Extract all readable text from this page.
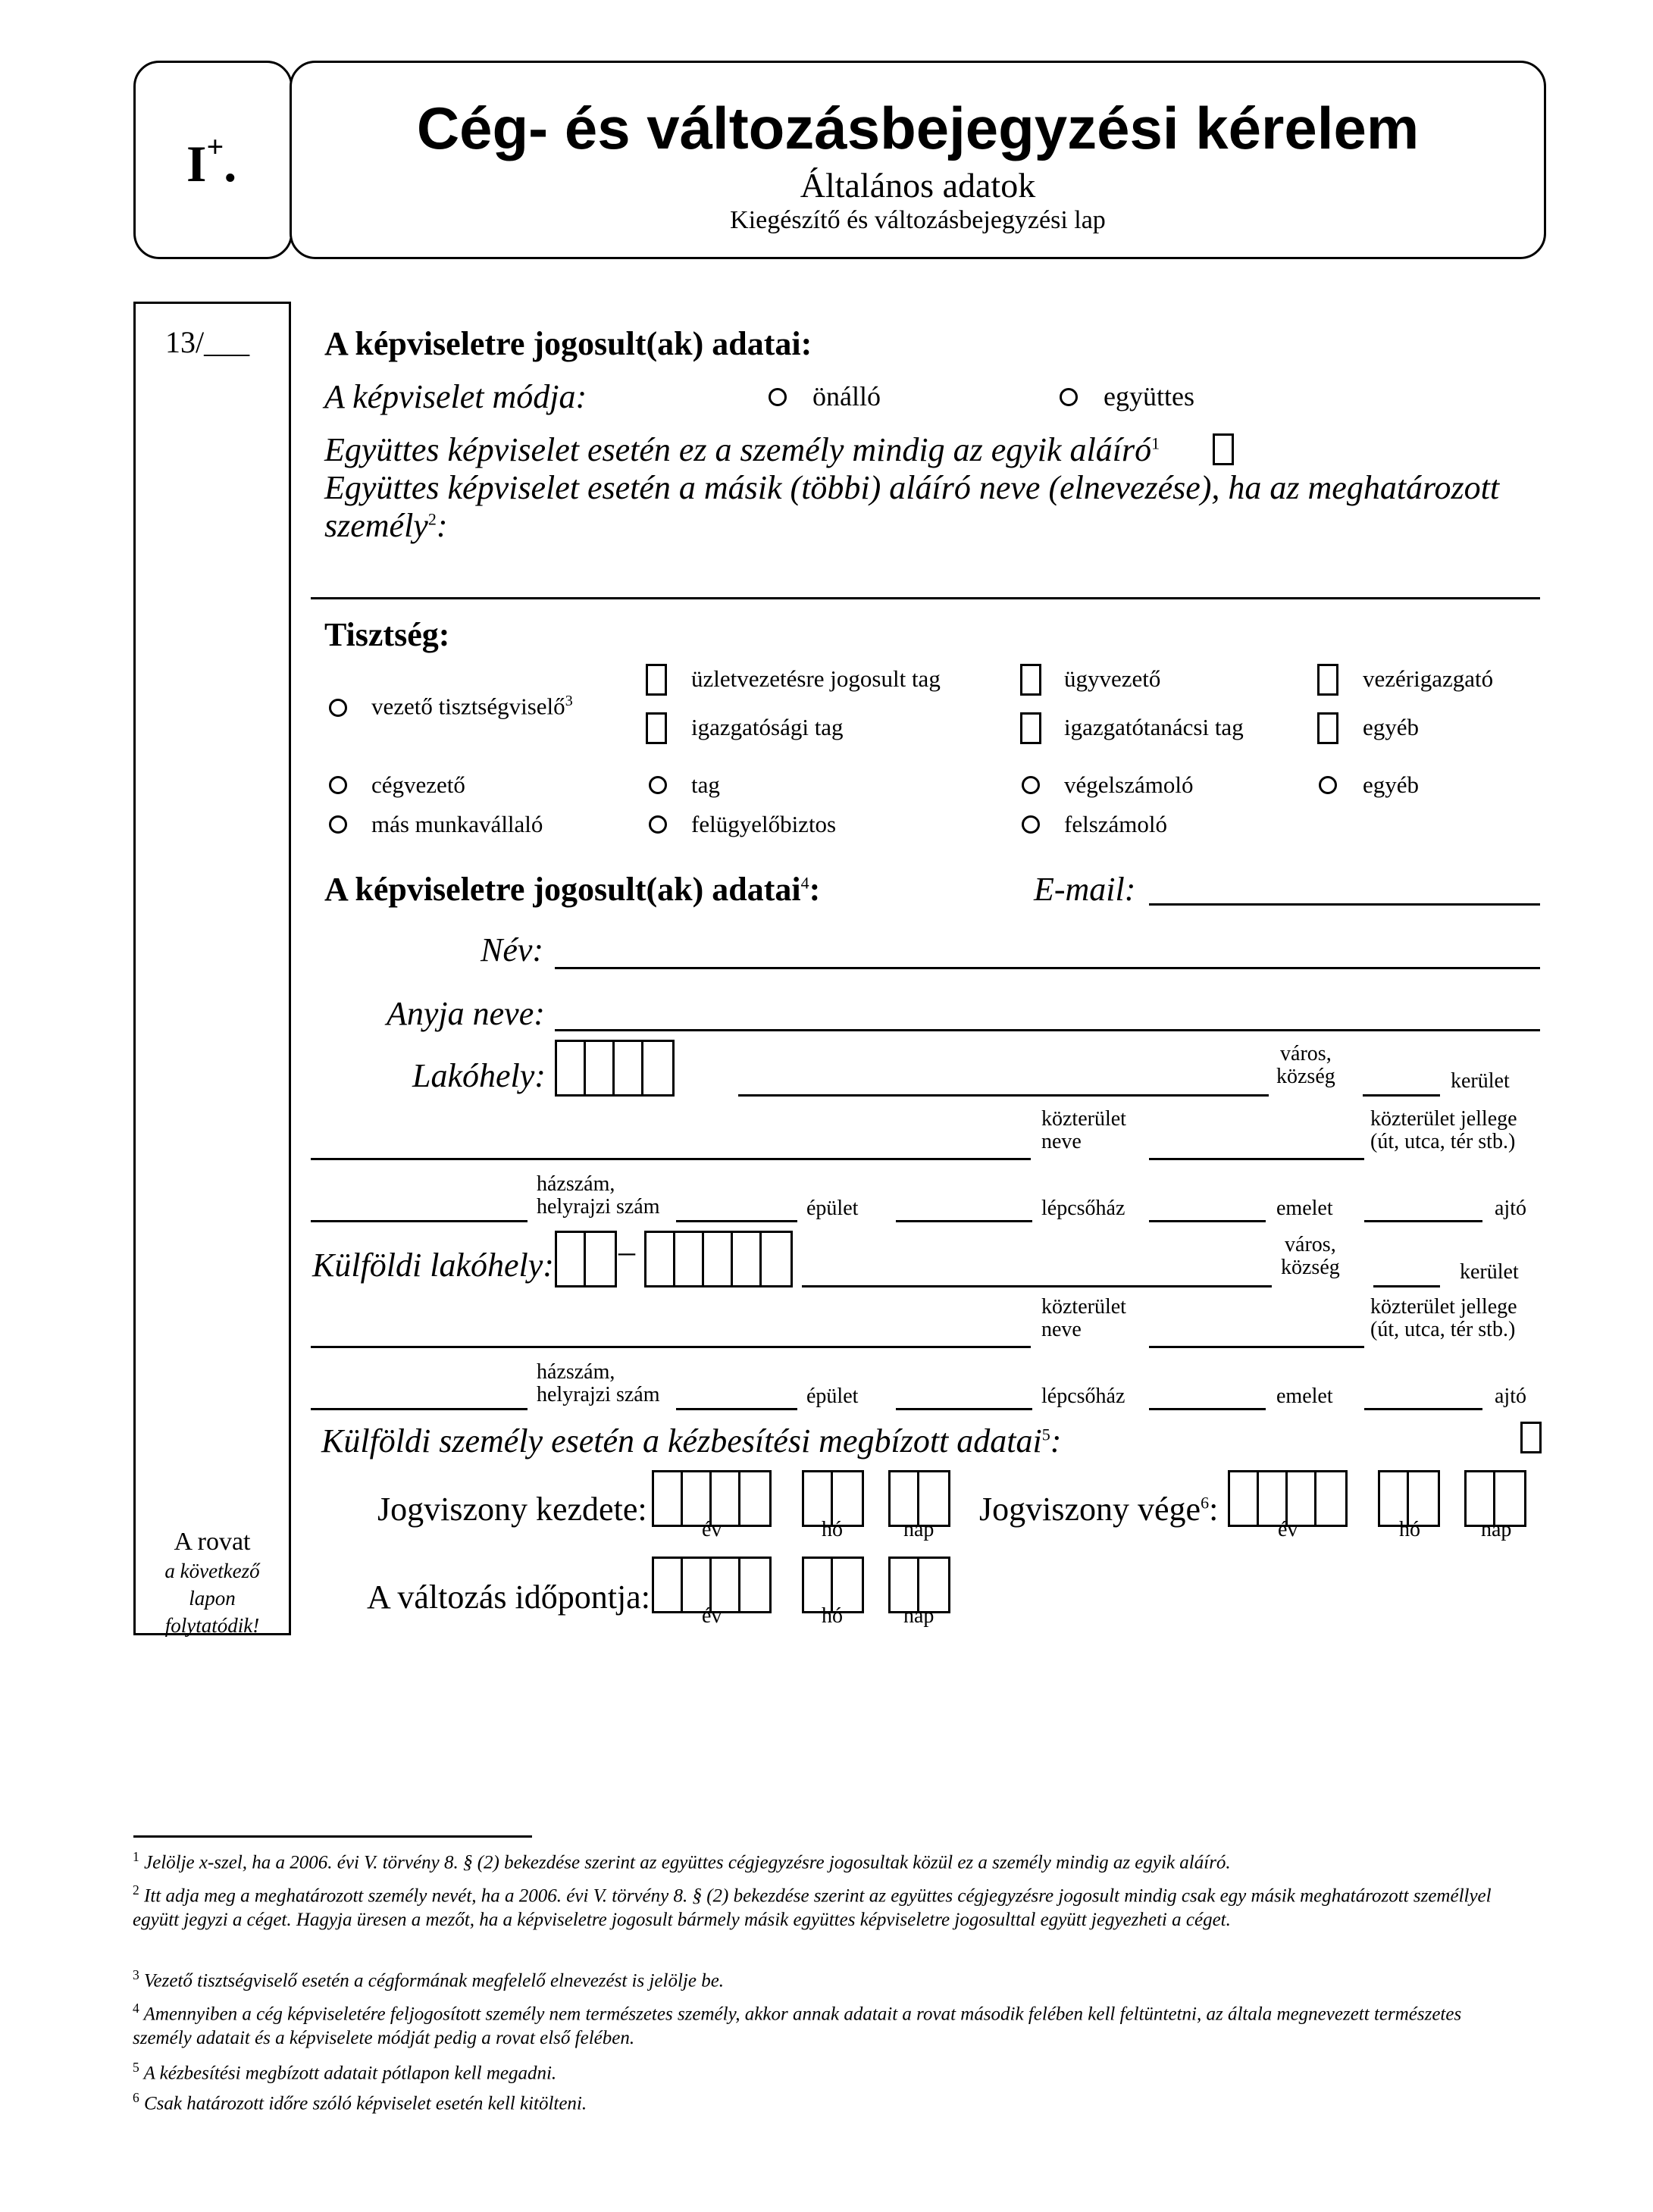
I+.
Cég- és változásbejegyzési kérelem
Általános adatok
Kiegészítő és változásbejegyzési lap
13/___
A rovat
a következő
lapon
folytatódik!
A képviseletre jogosult(ak) adatai:
A képviselet módja:	önálló	együttes
Együttes képviselet esetén ez a személy mindig az egyik aláíró$^1$
Együttes képviselet esetén a másik (többi) aláíró neve (elnevezése), ha az meghatározott
személy$^2$:
Tisztség:
vezető tisztségviselő$^3$
üzletvezetésre jogosult tag	ügyvezető	vezérigazgató
igazgatósági tag	igazgatótanácsi tag	egyéb
cégvezető	tag	végelszámoló	egyéb
más munkavállaló	felügyelőbiztos	felszámoló
A képviseletre jogosult(ak) adatai$^4$:	E-mail:
Név:
Anyja neve:
Lakóhely:
város,
község	kerület
közterület
neve
közterület jellege
(út, utca, tér stb.)
házszám,
helyrajzi szám	épület	lépcsőház	emelet	ajtó
Külföldi lakóhely: –	város,
község	kerület
közterület
neve
közterület jellege
(út, utca, tér stb.)
házszám,
helyrajzi szám	épület	lépcsőház	emelet	ajtó
Külföldi személy esetén a kézbesítési megbízott adatai$^5$:
Jogviszony kezdete:
év	hó	nap
Jogviszony vége$^6$:
év	hó	nap
A változás időpontja:
év	hó	nap
$^1$ Jelölje x-szel, ha a 2006. évi V. törvény 8. § (2) bekezdése szerint az együttes cégjegyzésre jogosultak közül ez a személy mindig az egyik aláíró.
$^2$ Itt adja meg a meghatározott személy nevét, ha a 2006. évi V. törvény 8. § (2) bekezdése szerint az együttes cégjegyzésre jogosult mindig csak egy másik meghatározott személlyel együtt jegyzi a céget. Hagyja üresen a mezőt, ha a képviseletre jogosult bármely másik együttes képviseletre jogosulttal együtt jegyezheti a céget.
$^3$ Vezető tisztségviselő esetén a cégformának megfelelő elnevezést is jelölje be.
$^4$ Amennyiben a cég képviseletére feljogosított személy nem természetes személy, akkor annak adatait a rovat második felében kell feltüntetni, az általa megnevezett természetes személy adatait és a képviselete módját pedig a rovat első felében.
$^5$ A kézbesítési megbízott adatait pótlapon kell megadni.
$^6$ Csak határozott időre szóló képviselet esetén kell kitölteni.
